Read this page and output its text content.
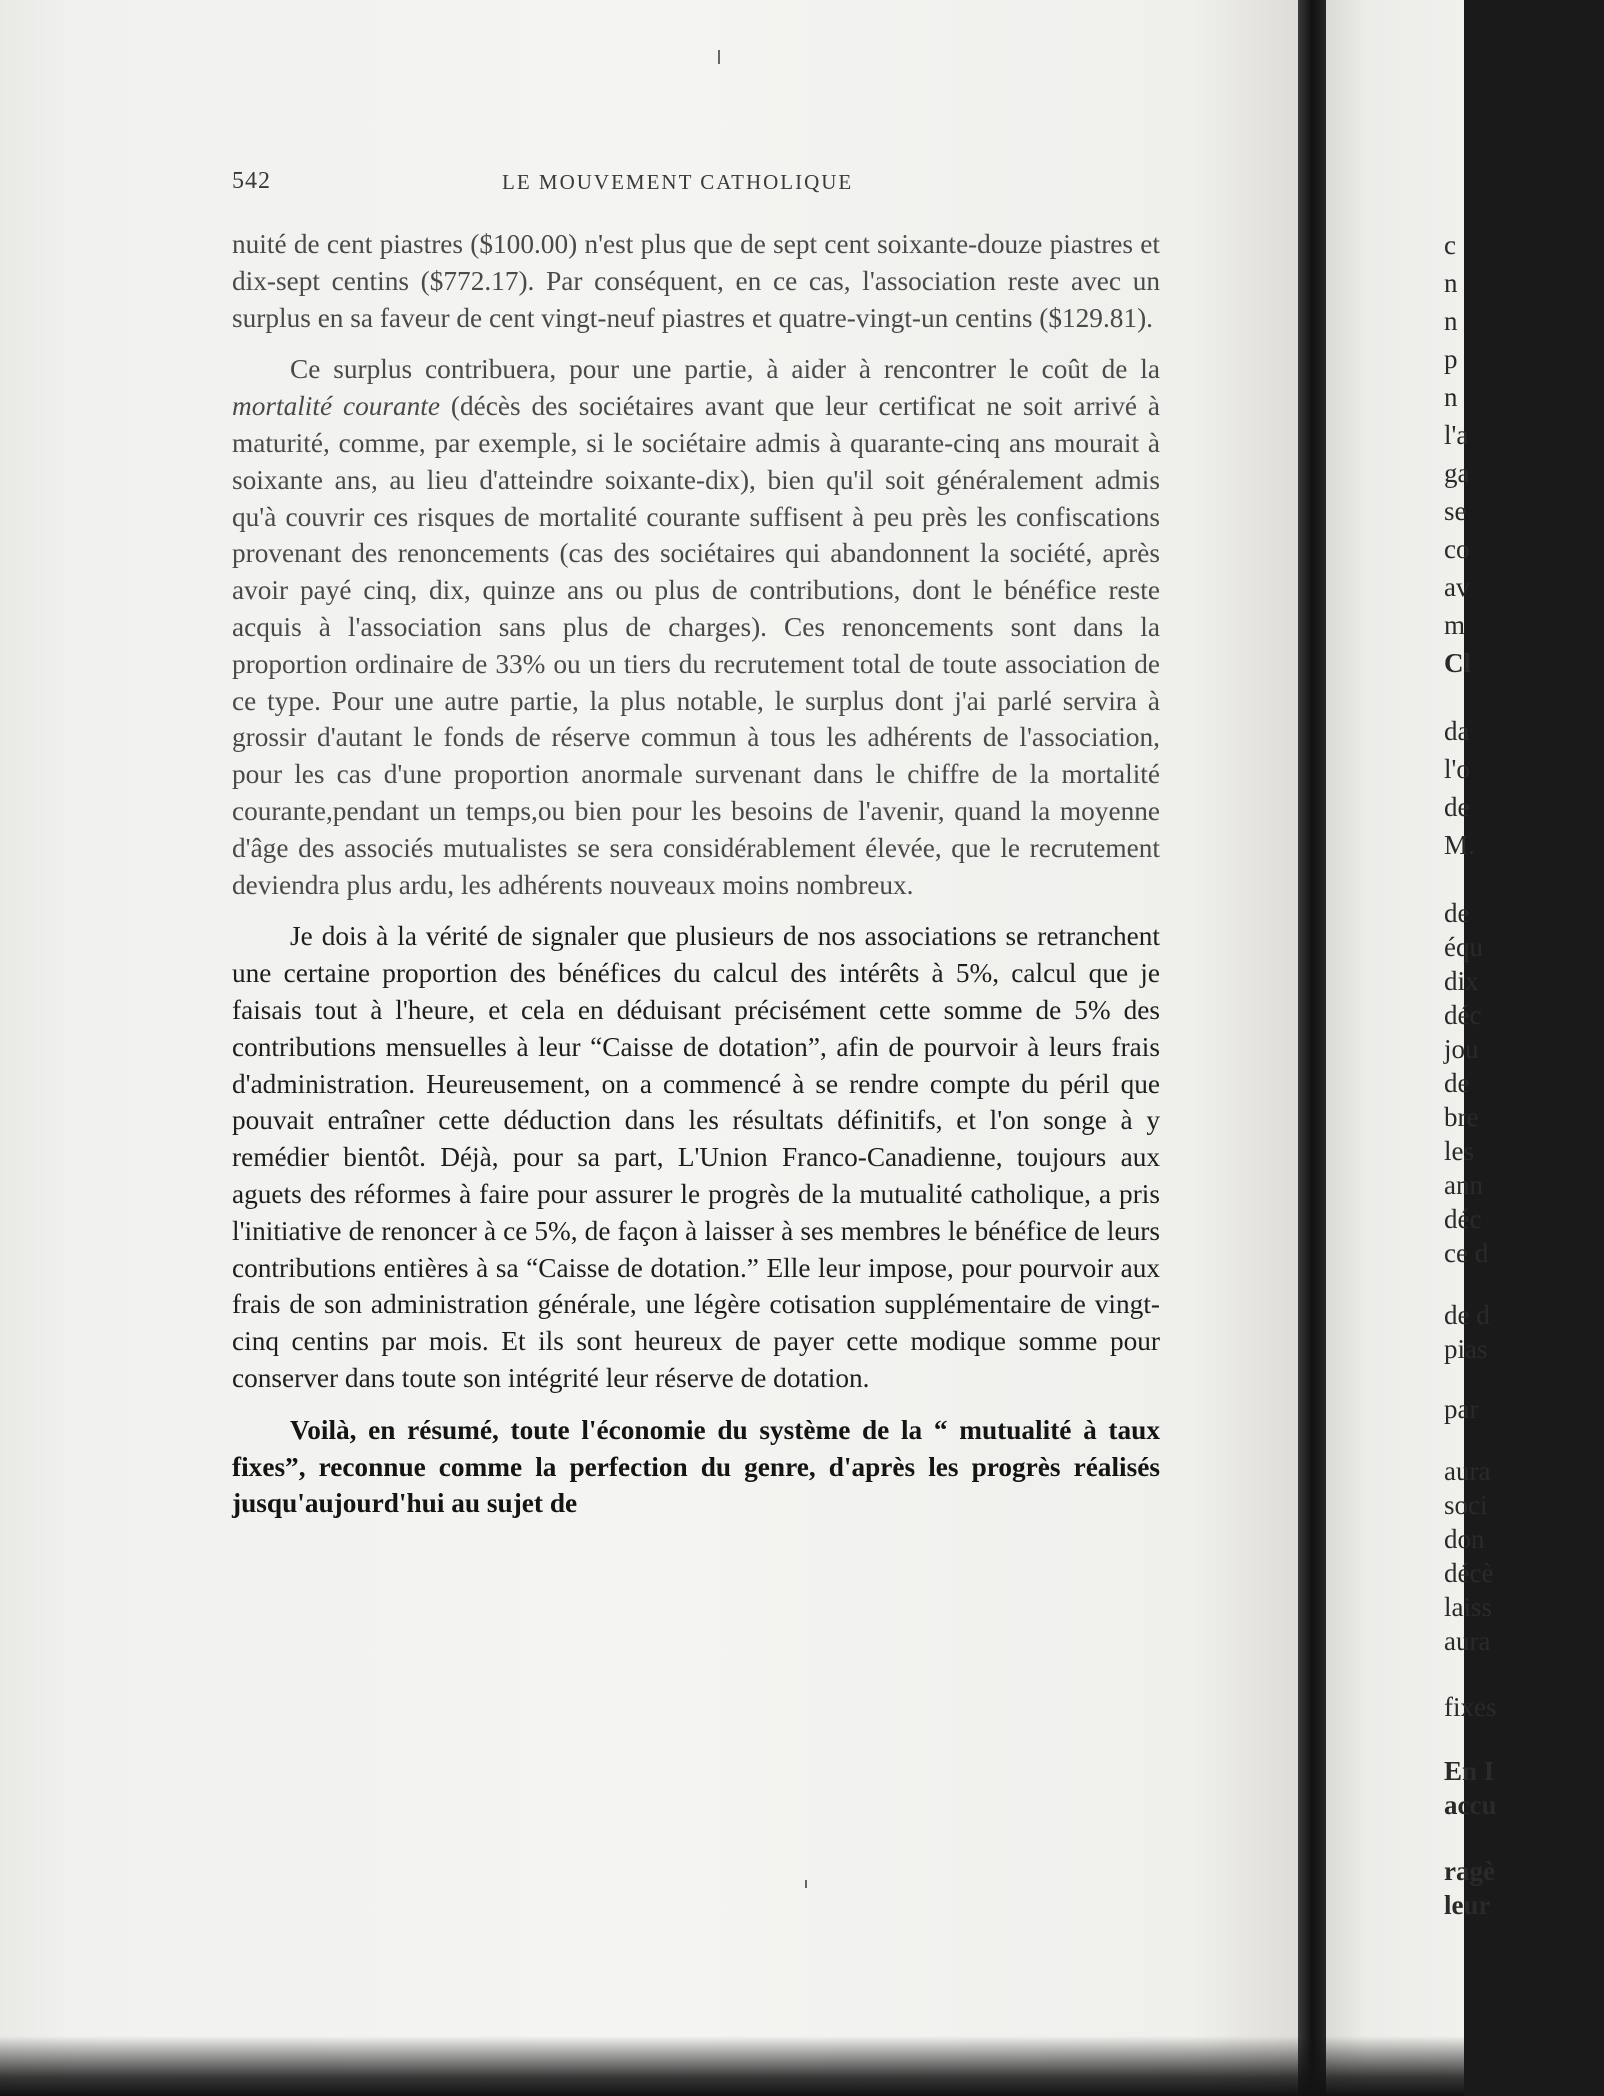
542	LE MOUVEMENT CATHOLIQUE

nuité de cent piastres ($100.00) n'est plus que de sept cent soixante-douze piastres et dix-sept centins ($772.17). Par conséquent, en ce cas, l'association reste avec un surplus en sa faveur de cent vingt-neuf piastres et quatre-vingt-un centins ($129.81).

Ce surplus contribuera, pour une partie, à aider à rencontrer le coût de la mortalité courante (décès des sociétaires avant que leur certificat ne soit arrivé à maturité, comme, par exemple, si le sociétaire admis à quarante-cinq ans mourait à soixante ans, au lieu d'atteindre soixante-dix), bien qu'il soit généralement admis qu'à couvrir ces risques de mortalité courante suffisent à peu près les confiscations provenant des renoncements (cas des sociétaires qui abandonnent la société, après avoir payé cinq, dix, quinze ans ou plus de contributions, dont le bénéfice reste acquis à l'association sans plus de charges). Ces renoncements sont dans la proportion ordinaire de 33% ou un tiers du recrutement total de toute association de ce type. Pour une autre partie, la plus notable, le surplus dont j'ai parlé servira à grossir d'autant le fonds de réserve commun à tous les adhérents de l'association, pour les cas d'une proportion anormale survenant dans le chiffre de la mortalité courante,pendant un temps,ou bien pour les besoins de l'avenir, quand la moyenne d'âge des associés mutualistes se sera considérablement élevée, que le recrutement deviendra plus ardu, les adhérents nouveaux moins nombreux.

Je dois à la vérité de signaler que plusieurs de nos associations se retranchent une certaine proportion des bénéfices du calcul des intérêts à 5%, calcul que je faisais tout à l'heure, et cela en déduisant précisément cette somme de 5% des contributions mensuelles à leur “Caisse de dotation”, afin de pourvoir à leurs frais d'administration. Heureusement, on a commencé à se rendre compte du péril que pouvait entraîner cette déduction dans les résultats définitifs, et l'on songe à y remédier bientôt. Déjà, pour sa part, L'Union Franco-Canadienne, toujours aux aguets des réformes à faire pour assurer le progrès de la mutualité catholique, a pris l'initiative de renoncer à ce 5%, de façon à laisser à ses membres le bénéfice de leurs contributions entières à sa “Caisse de dotation.” Elle leur impose, pour pourvoir aux frais de son administration générale, une légère cotisation supplémentaire de vingt-cinq centins par mois. Et ils sont heureux de payer cette modique somme pour conserver dans toute son intégrité leur réserve de dotation.

Voilà, en résumé, toute l'économie du système de la “ mutualité à taux fixes”, reconnue comme la perfection du genre, d'après les progrès réalisés jusqu'aujourd'hui au sujet de

c
n
n
p
n
l'a
ga
se
co
av
m
Cl
da
l'o
de
M.
de
équ
dix
déc
jou
de
bre
les
ann
déc
ce d
de d
pias
par
aura
soci
don
décè
laiss
aura
fixes
En I
accu
ragè
leur
